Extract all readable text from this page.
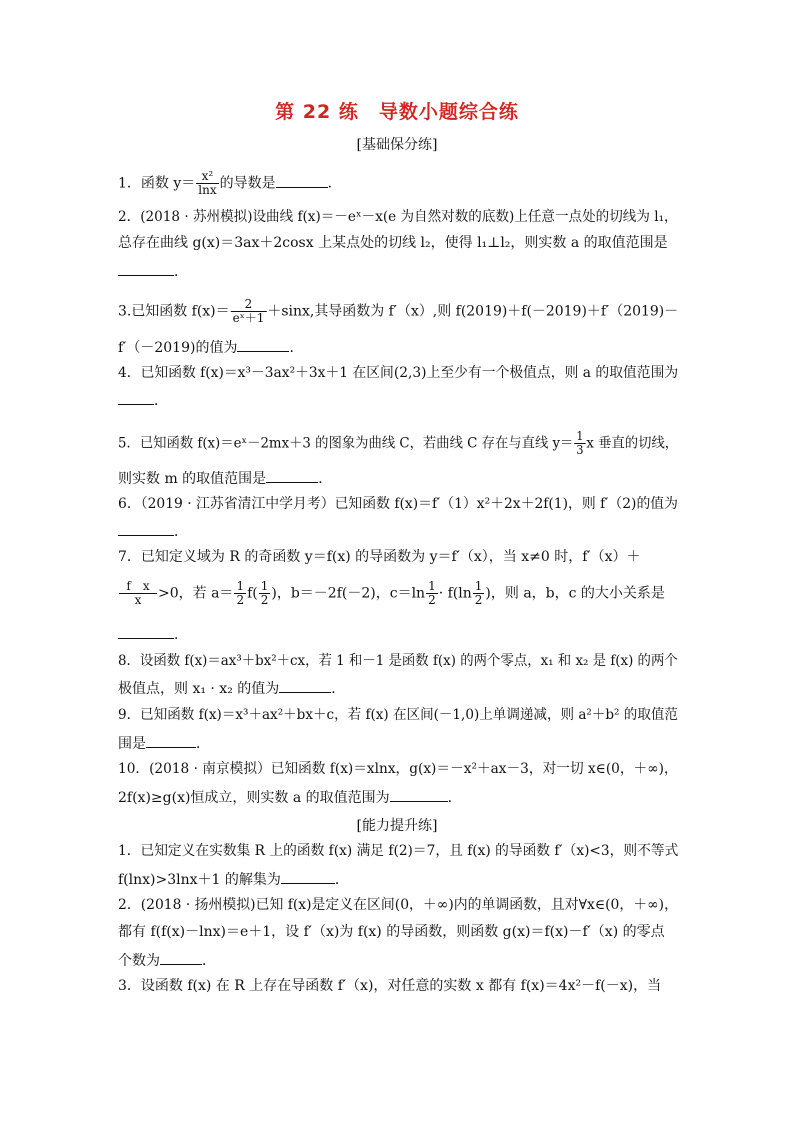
第 22 练　导数小题综合练
[基础保分练]
1．函数 $y= \frac{\text{x²}}{\ln x}$ 的导数是	．
2．(2018 · 苏州模拟)设曲线 f(x)＝－eˣ－x(e 为自然对数的底数)上任意一点处的切线为 l₁，
总存在曲线 g(x)＝3ax＋2cosx 上某点处的切线 l₂，使得 l₁⊥l₂，则实数 a 的取值范围是
．
3.已知函数 $f(x)= \frac{2}{\text{eˣ＋1}} +\sin x$,其导函数为 f′（x）,则 f(2019)＋f(－2019)＋f′（2019)－
f′（－2019)的值为	．
4．已知函数 f(x)＝x³－3ax²＋3x＋1 在区间(2,3)上至少有一个极值点，则 a 的取值范围为
．
5．已知函数 f(x)＝eˣ－2mx＋3 的图象为曲线 C，若曲线 C 存在与直线 $y= \frac{1}{3}$ x 垂直的切线，
则实数 m 的取值范围是	．
6．（2019 · 江苏省清江中学月考）已知函数 f(x)＝f′（1）x²＋2x＋2f(1)，则 f′（2)的值为
．
7．已知定义域为 R 的奇函数 y＝f(x) 的导函数为 y＝f′（x），当 x≠0 时，f′（x）＋
$\frac{\text{f　x}}{x} >0$，若 $a= \frac{1}{2} f( \frac{1}{2}$ )，b＝－2f(－2)，$c=\ln \frac{1}{2} \cdot f(\ln \frac{1}{2}$ )，则 a，b，c 的大小关系是
．
8．设函数 f(x)＝ax³＋bx²＋cx，若 1 和－1 是函数 f(x) 的两个零点，x₁ 和 x₂ 是 f(x) 的两个
极值点，则 x₁ · x₂ 的值为	．
9．已知函数 f(x)＝x³＋ax²＋bx＋c，若 f(x) 在区间(－1,0)上单调递减，则 a²＋b² 的取值范
围是	．
10．(2018 · 南京模拟）已知函数 f(x)＝xlnx，g(x)＝－x²＋ax－3，对一切 x∈(0，＋∞)，
2f(x)≥g(x)恒成立，则实数 a 的取值范围为	．
[能力提升练]
1．已知定义在实数集 R 上的函数 f(x) 满足 f(2)＝7，且 f(x) 的导函数 f′（x)<3，则不等式
f(lnx)>3lnx＋1 的解集为	．
2．(2018 · 扬州模拟)已知 f(x)是定义在区间(0，＋∞)内的单调函数，且对∀x∈(0，＋∞)，
都有 f(f(x)－lnx)＝e＋1，设 f′（x)为 f(x) 的导函数，则函数 g(x)＝f(x)－f′（x) 的零点
个数为	．
3．设函数 f(x) 在 R 上存在导函数 f′（x)，对任意的实数 x 都有 f(x)＝4x²－f(－x)，当
